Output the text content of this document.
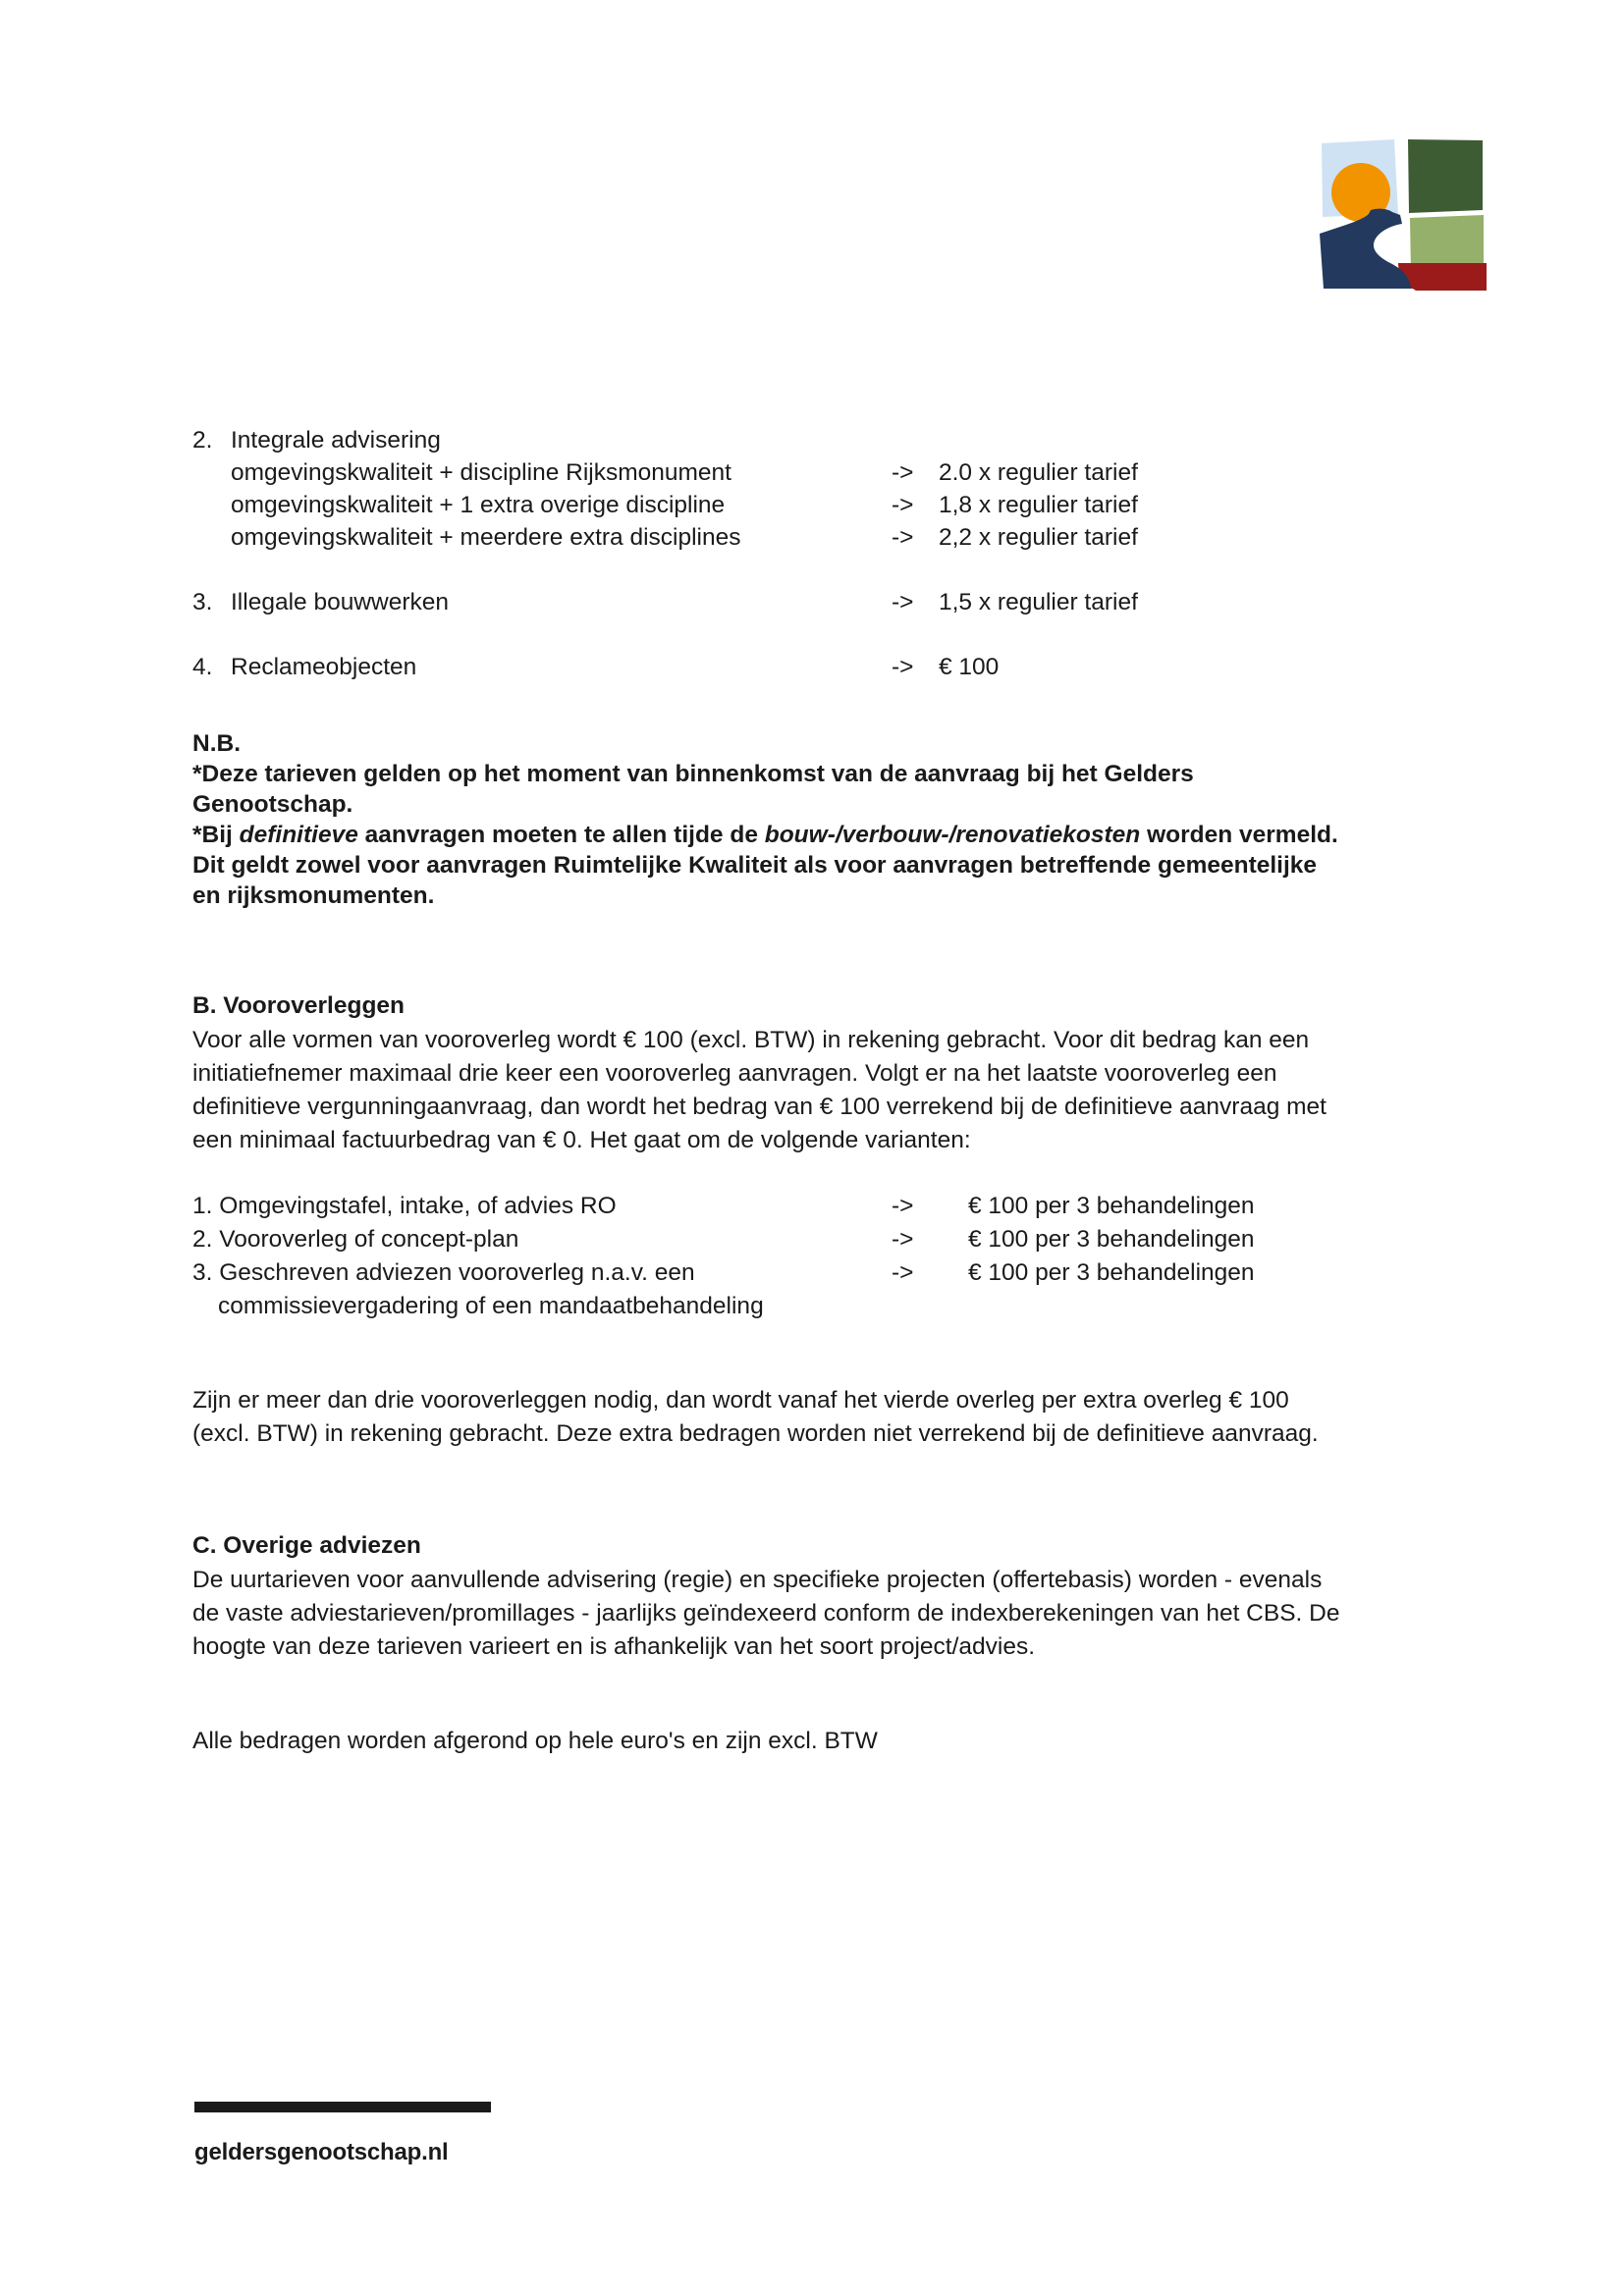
2. Integrale advisering
omgevingskwaliteit + discipline Rijksmonument	->	2.0 x regulier tarief
omgevingskwaliteit + 1 extra overige discipline	->	1,8 x regulier tarief
omgevingskwaliteit + meerdere extra disciplines	->	2,2 x regulier tarief
3. Illegale bouwwerken	->	1,5 x regulier tarief
4. Reclameobjecten	->	€ 100
N.B.
*Deze tarieven gelden op het moment van binnenkomst van de aanvraag bij het Gelders Genootschap.
*Bij definitieve aanvragen moeten te allen tijde de bouw-/verbouw-/renovatiekosten worden vermeld. Dit geldt zowel voor aanvragen Ruimtelijke Kwaliteit als voor aanvragen betreffende gemeentelijke en rijksmonumenten.
B. Vooroverleggen
Voor alle vormen van vooroverleg wordt € 100 (excl. BTW) in rekening gebracht. Voor dit bedrag kan een initiatiefnemer maximaal drie keer een vooroverleg aanvragen. Volgt er na het laatste vooroverleg een definitieve vergunningaanvraag, dan wordt het bedrag van € 100 verrekend bij de definitieve aanvraag met een minimaal factuurbedrag van € 0. Het gaat om de volgende varianten:
1. Omgevingstafel, intake, of advies RO	->	€ 100 per 3 behandelingen
2. Vooroverleg of concept-plan	->	€ 100 per 3 behandelingen
3. Geschreven adviezen vooroverleg n.a.v. een	->	€ 100 per 3 behandelingen
commissievergadering of een mandaatbehandeling
Zijn er meer dan drie vooroverleggen nodig, dan wordt vanaf het vierde overleg per extra overleg € 100 (excl. BTW) in rekening gebracht. Deze extra bedragen worden niet verrekend bij de definitieve aanvraag.
C. Overige adviezen
De uurtarieven voor aanvullende advisering (regie) en specifieke projecten (offertebasis) worden - evenals de vaste adviestarieven/promillages - jaarlijks geïndexeerd conform de indexberekeningen van het CBS. De hoogte van deze tarieven varieert en is afhankelijk van het soort project/advies.
Alle bedragen worden afgerond op hele euro's en zijn excl. BTW
geldersgenootschap.nl
